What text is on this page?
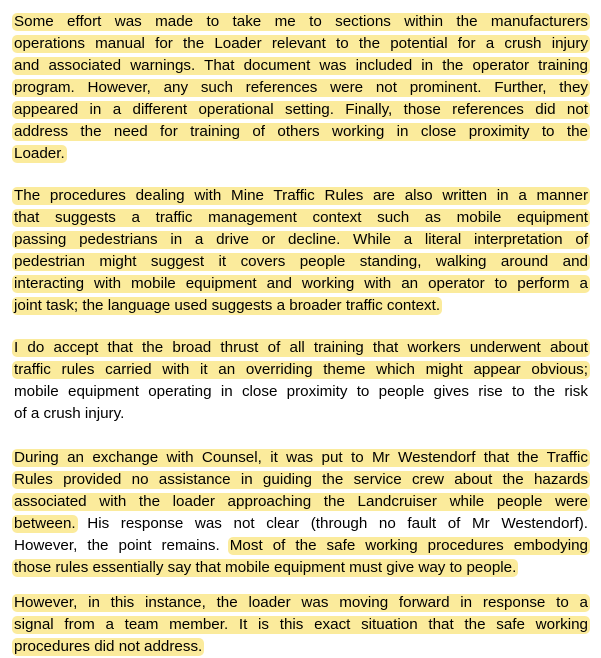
Some effort was made to take me to sections within the manufacturers
operations manual for the Loader relevant to the potential for a crush injury
and associated warnings. That document was included in the operator training
program. However, any such references were not prominent. Further, they
appeared in a different operational setting. Finally, those references did not
address the need for training of others working in close proximity to the
Loader.
The procedures dealing with Mine Traffic Rules are also written in a manner
that suggests a traffic management context such as mobile equipment
passing pedestrians in a drive or decline. While a literal interpretation of
pedestrian might suggest it covers people standing, walking around and
interacting with mobile equipment and working with an operator to perform a
joint task; the language used suggests a broader traffic context.
I do accept that the broad thrust of all training that workers underwent about
traffic rules carried with it an overriding theme which might appear obvious;
mobile equipment operating in close proximity to people gives rise to the risk
of a crush injury.
During an exchange with Counsel, it was put to Mr Westendorf that the Traffic
Rules provided no assistance in guiding the service crew about the hazards
associated with the loader approaching the Landcruiser while people were
between. His response was not clear (through no fault of Mr Westendorf).
However, the point remains. Most of the safe working procedures embodying
those rules essentially say that mobile equipment must give way to people.
However, in this instance, the loader was moving forward in response to a
signal from a team member. It is this exact situation that the safe working
procedures did not address.
